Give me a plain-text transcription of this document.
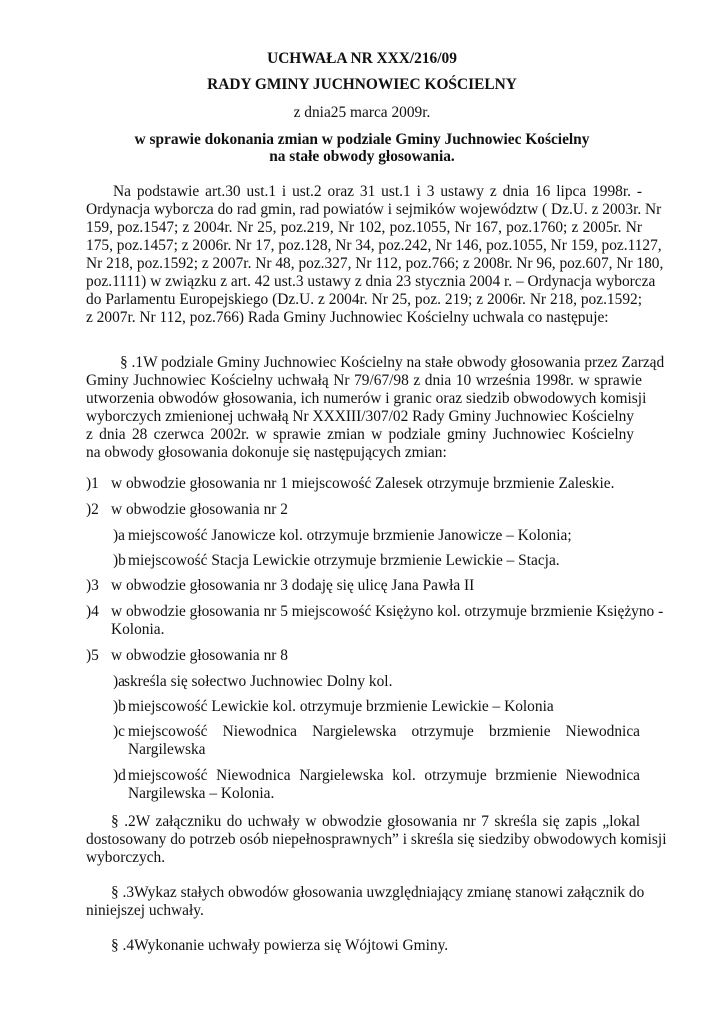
UCHWAŁA NR XXX/216/09
RADY GMINY JUCHNOWIEC KOŚCIELNY
z dnia25 marca 2009r.
w sprawie dokonania zmian w podziale Gminy Juchnowiec Kościelny
na stałe obwody głosowania.
Na podstawie art.30 ust.1 i ust.2 oraz 31 ust.1 i 3 ustawy z dnia 16 lipca 1998r. -
Ordynacja wyborcza do rad gmin, rad powiatów i sejmików województw ( Dz.U. z 2003r. Nr
159, poz.1547; z 2004r. Nr 25, poz.219, Nr 102, poz.1055, Nr 167, poz.1760; z 2005r. Nr
175, poz.1457; z 2006r. Nr 17, poz.128, Nr 34, poz.242, Nr 146, poz.1055, Nr 159, poz.1127,
Nr 218, poz.1592; z 2007r. Nr 48, poz.327, Nr 112, poz.766; z 2008r. Nr 96, poz.607, Nr 180,
poz.1111) w związku z art. 42 ust.3 ustawy z dnia 23 stycznia 2004 r. – Ordynacja wyborcza
do Parlamentu Europejskiego (Dz.U. z 2004r. Nr 25, poz. 219; z 2006r. Nr 218, poz.1592;
z 2007r. Nr 112, poz.766) Rada Gminy Juchnowiec Kościelny uchwala co następuje:
§ .1W podziale Gminy Juchnowiec Kościelny na stałe obwody głosowania przez Zarząd
Gminy Juchnowiec Kościelny uchwałą Nr 79/67/98 z dnia 10 września 1998r. w sprawie
utworzenia obwodów głosowania, ich numerów i granic oraz siedzib obwodowych komisji
wyborczych zmienionej uchwałą Nr XXXIII/307/02 Rady Gminy Juchnowiec Kościelny
z dnia 28 czerwca 2002r. w sprawie zmian w podziale gminy Juchnowiec Kościelny
na obwody głosowania dokonuje się następujących zmian:
)1 w obwodzie głosowania nr 1 miejscowość Zalesek otrzymuje brzmienie Zaleskie.
)2 w obwodzie głosowania nr 2
)a miejscowość Janowicze kol. otrzymuje brzmienie Janowicze – Kolonia;
)b miejscowość Stacja Lewickie otrzymuje brzmienie Lewickie – Stacja.
)3 w obwodzie głosowania nr 3 dodaję się ulicę Jana Pawła II
)4 w obwodzie głosowania nr 5 miejscowość Księżyno kol. otrzymuje brzmienie Księżyno -
Kolonia.
)5 w obwodzie głosowania nr 8
)a skreśla się sołectwo Juchnowiec Dolny kol.
)b miejscowość Lewickie kol. otrzymuje brzmienie Lewickie – Kolonia
)c miejscowość Niewodnica Nargielewska otrzymuje brzmienie Niewodnica
Nargilewska
)d miejscowość Niewodnica Nargielewska kol. otrzymuje brzmienie Niewodnica
Nargilewska – Kolonia.
§ .2W załączniku do uchwały w obwodzie głosowania nr 7 skreśla się zapis „lokal
dostosowany do potrzeb osób niepełnosprawnych” i skreśla się siedziby obwodowych komisji
wyborczych.
§ .3Wykaz stałych obwodów głosowania uwzględniający zmianę stanowi załącznik do
niniejszej uchwały.
§ .4Wykonanie uchwały powierza się Wójtowi Gminy.
